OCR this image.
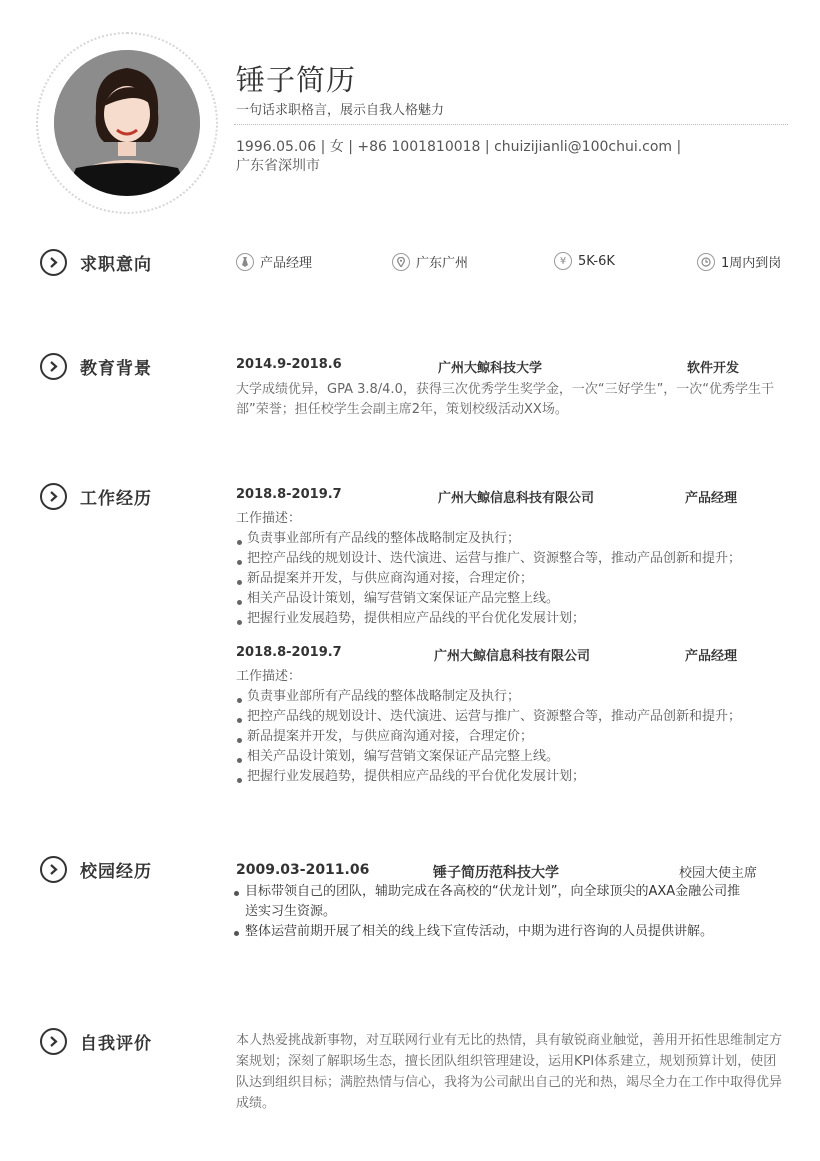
锤子简历
一句话求职格言，展示自我人格魅力
1996.05.06 | 女 | +86 1001810018 | chuizijianli@100chui.com |
广东省深圳市
求职意向	产品经理	广东广州	¥ 5K-6K	1周内到岗
教育背景	2014.9-2018.6	广州大鲸科技大学	软件开发
大学成绩优异，GPA 3.8/4.0，获得三次优秀学生奖学金，一次“三好学生”，一次“优秀学生干部”荣誉；担任校学生会副主席2年，策划校级活动XX场。
工作经历	2018.8-2019.7	广州大鲸信息科技有限公司	产品经理
工作描述：
负责事业部所有产品线的整体战略制定及执行；
把控产品线的规划设计、迭代演进、运营与推广、资源整合等，推动产品创新和提升；
新品提案并开发，与供应商沟通对接，合理定价；
相关产品设计策划，编写营销文案保证产品完整上线。
把握行业发展趋势，提供相应产品线的平台优化发展计划；
2018.8-2019.7	广州大鲸信息科技有限公司	产品经理
工作描述：
负责事业部所有产品线的整体战略制定及执行；
把控产品线的规划设计、迭代演进、运营与推广、资源整合等，推动产品创新和提升；
新品提案并开发，与供应商沟通对接，合理定价；
相关产品设计策划，编写营销文案保证产品完整上线。
把握行业发展趋势，提供相应产品线的平台优化发展计划；
校园经历	2009.03-2011.06	锤子简历范科技大学	校园大使主席
目标带领自己的团队，辅助完成在各高校的“伏龙计划”，向全球顶尖的AXA金融公司推送实习生资源。
整体运营前期开展了相关的线上线下宣传活动，中期为进行咨询的人员提供讲解。
自我评价	本人热爱挑战新事物，对互联网行业有无比的热情，具有敏锐商业触觉，善用开拓性思维制定方案规划；深刻了解职场生态，擅长团队组织管理建设，运用KPI体系建立，规划预算计划，使团队达到组织目标；满腔热情与信心，我将为公司献出自己的光和热，竭尽全力在工作中取得优异成绩。
